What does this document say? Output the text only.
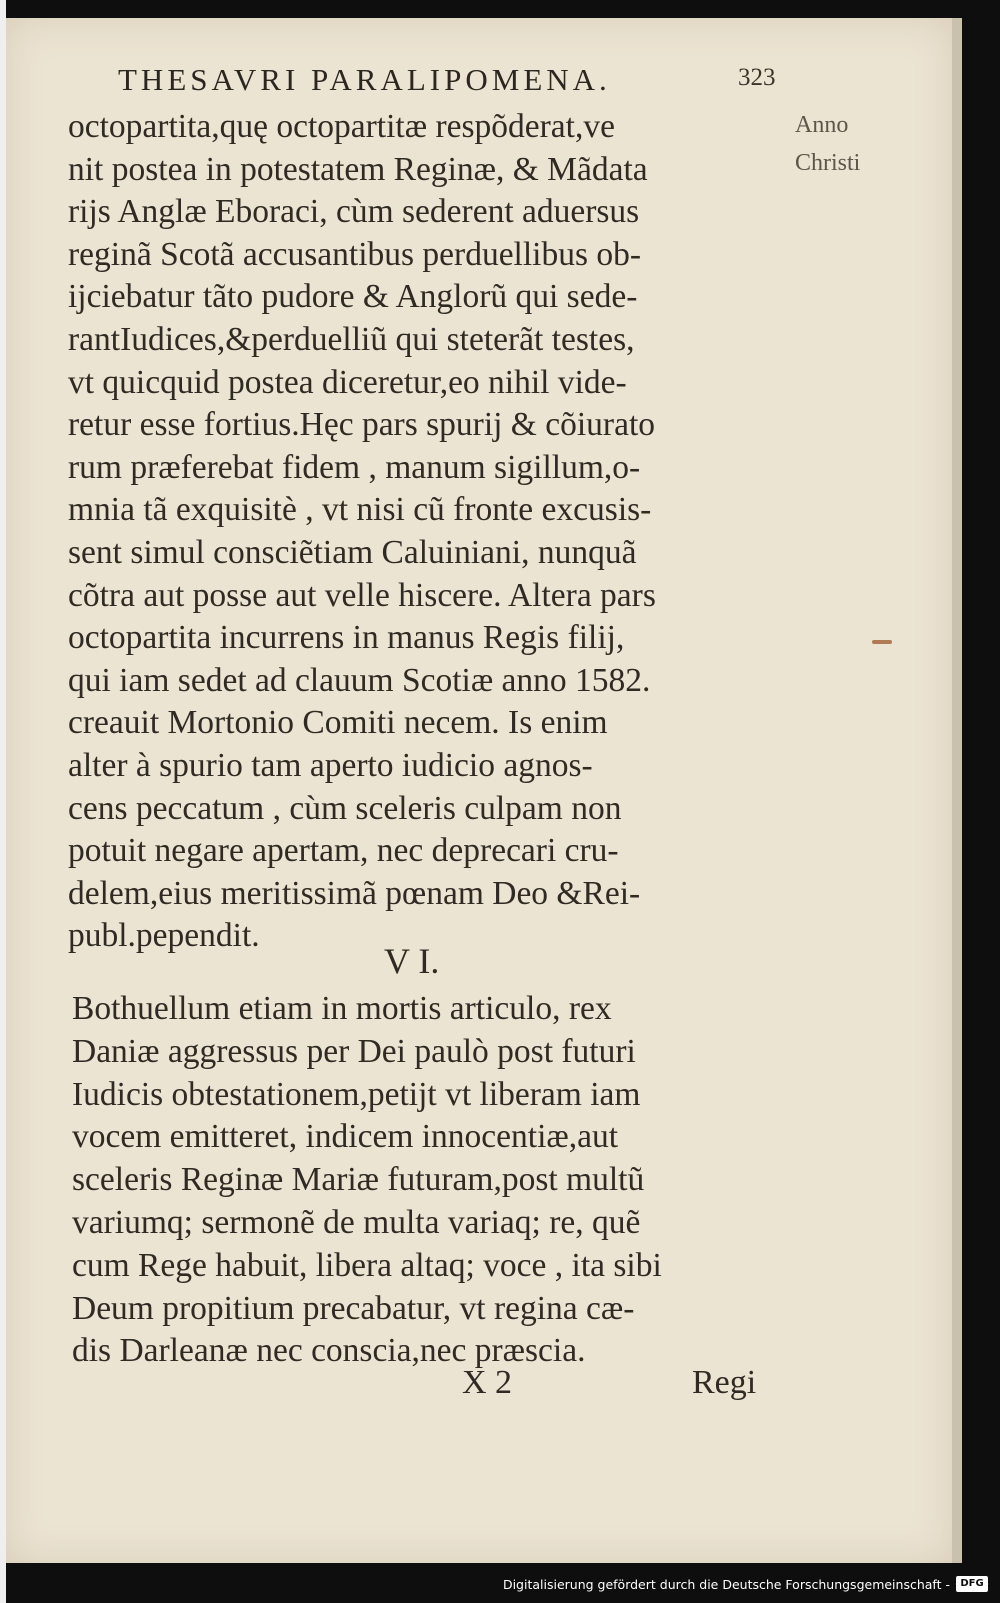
THESAVRI PARALIPOMENA.	323
Anno
Christi
octopartita,quę octopartitæ respõderat,ve
nit postea in potestatem Reginæ, & Mãdata
rijs Anglæ Eboraci, cùm sederent aduersus
reginã Scotã accusantibus perduellibus ob-
ijciebatur tãto pudore & Anglorũ qui sede-
rantIudices,&perduelliũ qui steterãt testes,
vt quicquid postea diceretur,eo nihil vide-
retur esse fortius.Hęc pars spurij & cõiurato
rum præferebat fidem , manum sigillum,o-
mnia tã exquisitè , vt nisi cũ fronte excusis-
sent simul consciẽtiam Caluiniani, nunquã
cõtra aut posse aut velle hiscere. Altera pars
octopartita incurrens in manus Regis filij,
qui iam sedet ad clauum Scotiæ anno 1582.
creauit Mortonio Comiti necem. Is enim
alter à spurio tam aperto iudicio agnos-
cens peccatum , cùm sceleris culpam non
potuit negare apertam, nec deprecari cru-
delem,eius meritissimã pœnam Deo &Rei-
publ.pependit.
V I.
Bothuellum etiam in mortis articulo, rex
Daniæ aggressus per Dei paulò post futuri
Iudicis obtestationem,petijt vt liberam iam
vocem emitteret, indicem innocentiæ,aut
sceleris Reginæ Mariæ futuram,post multũ
variumq; sermonẽ de multa variaq; re, quẽ
cum Rege habuit, libera altaq; voce , ita sibi
Deum propitium precabatur, vt regina cæ-
dis Darleanæ nec conscia,nec præscia.
X 2	Regi
Digitalisierung gefördert durch die Deutsche Forschungsgemeinschaft -	DFG
